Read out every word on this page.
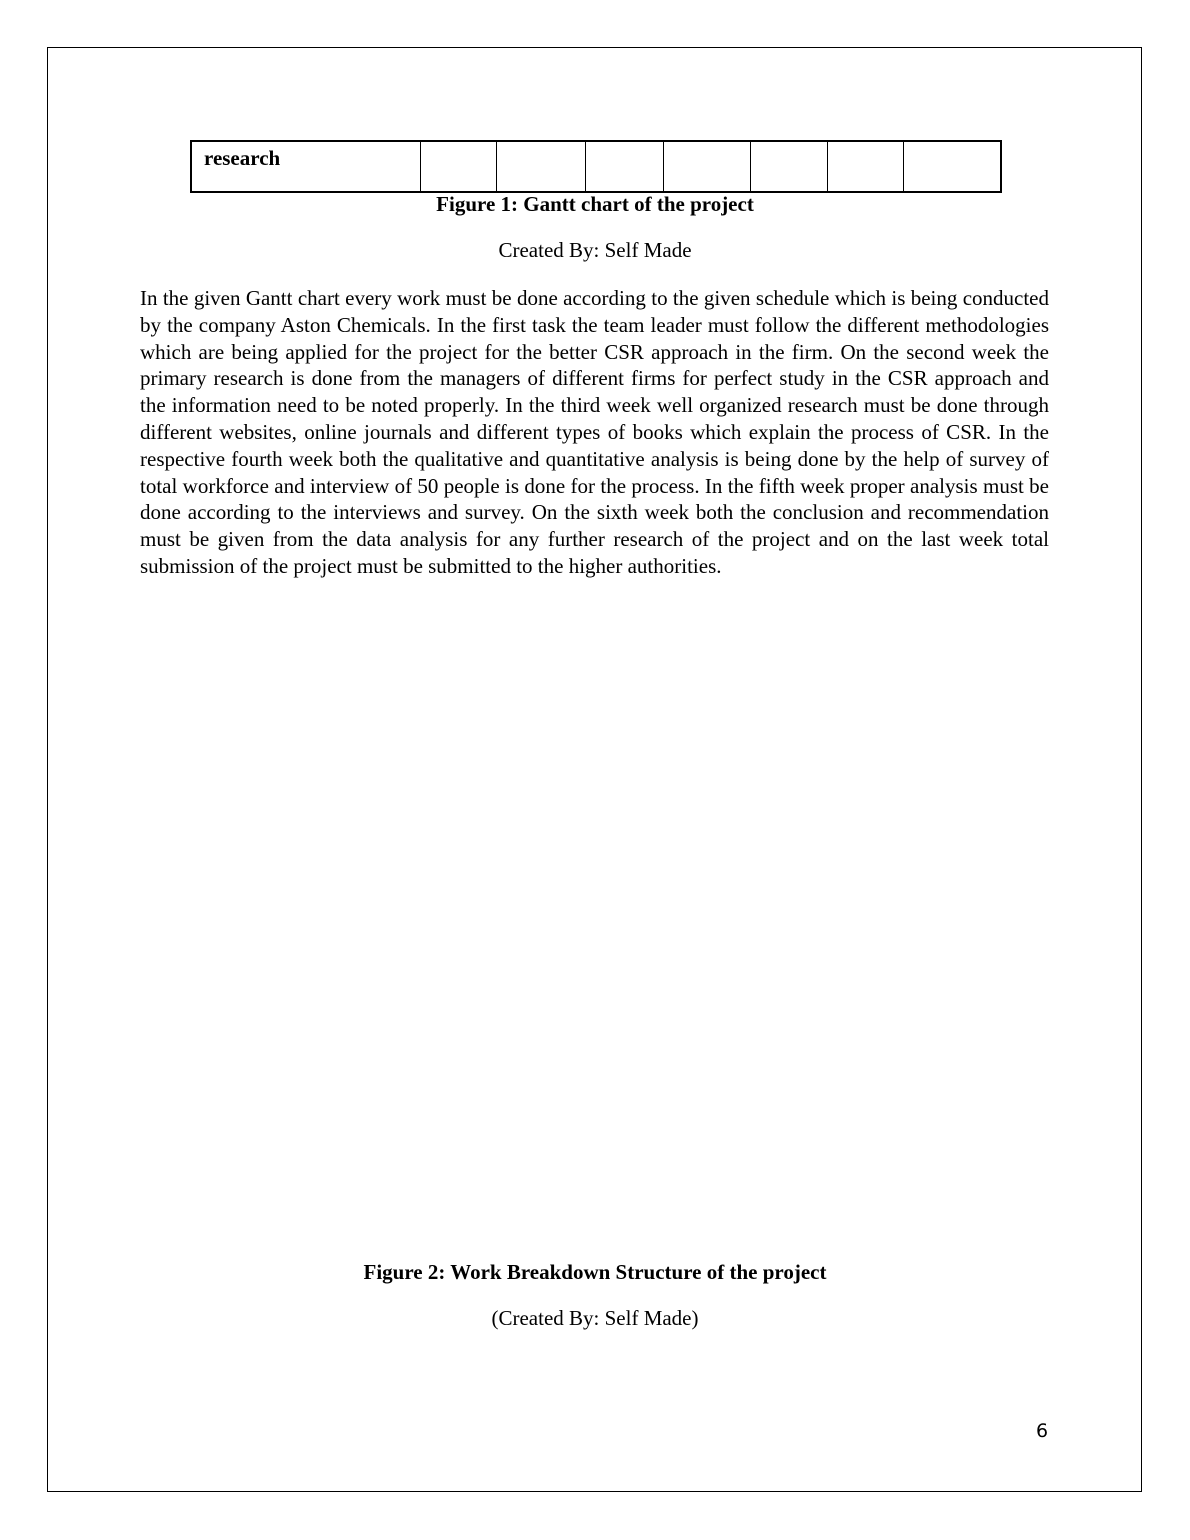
research							
Figure 1: Gantt chart of the project
Created By: Self Made

In the given Gantt chart every work must be done according to the given schedule which is being conducted by the company Aston Chemicals. In the first task the team leader must follow the different methodologies which are being applied for the project for the better CSR approach in the firm. On the second week the primary research is done from the managers of different firms for perfect study in the CSR approach and the information need to be noted properly. In the third week well organized research must be done through different websites, online journals and different types of books which explain the process of CSR. In the respective fourth week both the qualitative and quantitative analysis is being done by the help of survey of total workforce and interview of 50 people is done for the process. In the fifth week proper analysis must be done according to the interviews and survey. On the sixth week both the conclusion and recommendation must be given from the data analysis for any further research of the project and on the last week total submission of the project must be submitted to the higher authorities.

Figure 2: Work Breakdown Structure of the project
(Created By: Self Made)
6
